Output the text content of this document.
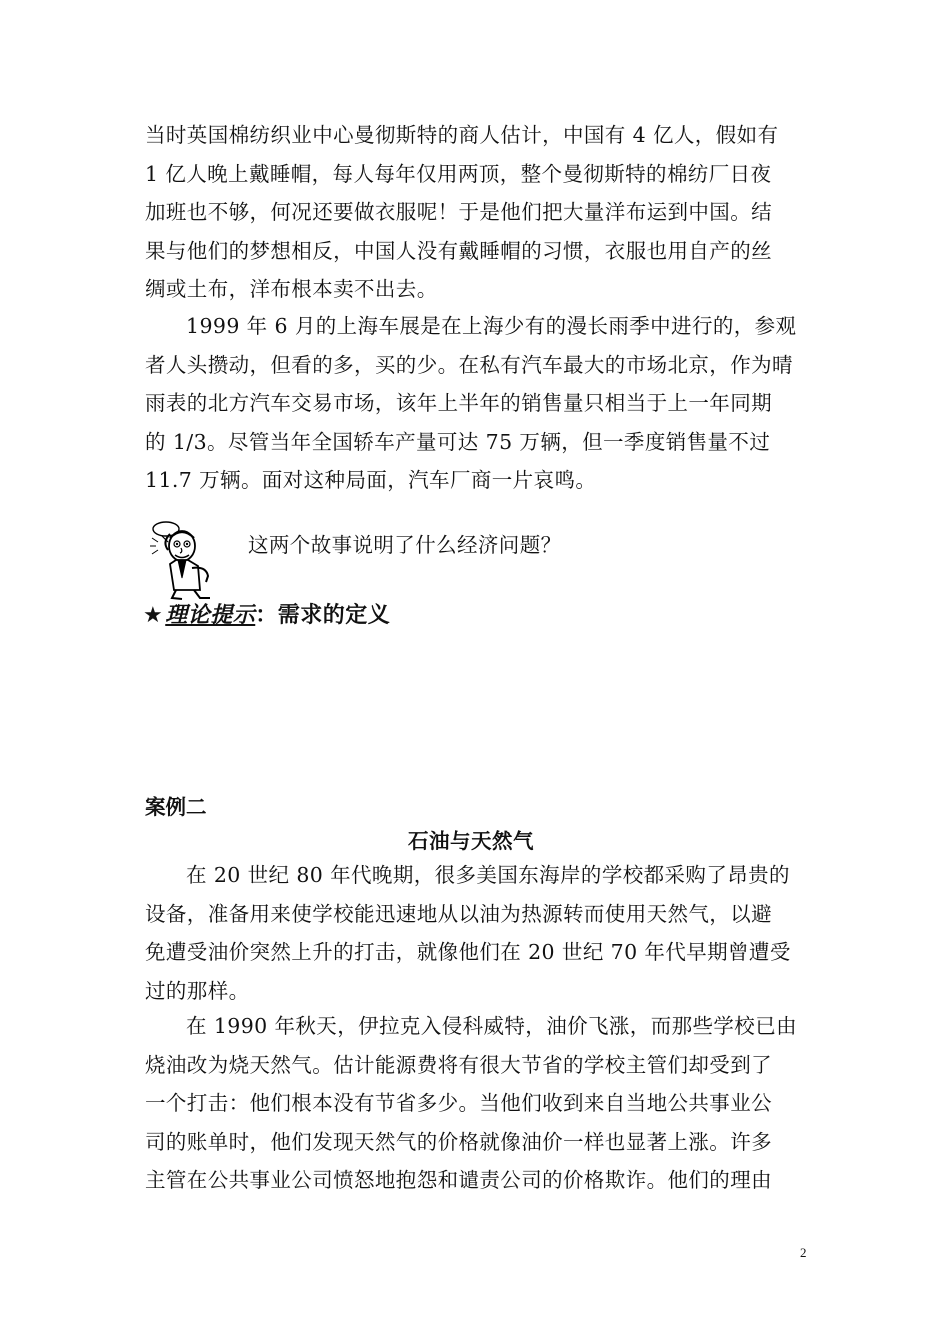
当时英国棉纺织业中心曼彻斯特的商人估计，中国有 4 亿人，假如有
1 亿人晚上戴睡帽，每人每年仅用两顶，整个曼彻斯特的棉纺厂日夜
加班也不够，何况还要做衣服呢！于是他们把大量洋布运到中国。结
果与他们的梦想相反，中国人没有戴睡帽的习惯，衣服也用自产的丝
绸或土布，洋布根本卖不出去。

1999 年 6 月的上海车展是在上海少有的漫长雨季中进行的，参观
者人头攒动，但看的多，买的少。在私有汽车最大的市场北京，作为晴
雨表的北方汽车交易市场，该年上半年的销售量只相当于上一年同期
的 1/3。尽管当年全国轿车产量可达 75 万辆，但一季度销售量不过
11.7 万辆。面对这种局面，汽车厂商一片哀鸣。

这两个故事说明了什么经济问题？
★理论提示：需求的定义
案例二
石油与天然气

在 20 世纪 80 年代晚期，很多美国东海岸的学校都采购了昂贵的
设备，准备用来使学校能迅速地从以油为热源转而使用天然气，以避
免遭受油价突然上升的打击，就像他们在 20 世纪 70 年代早期曾遭受
过的那样。

在 1990 年秋天，伊拉克入侵科威特，油价飞涨，而那些学校已由
烧油改为烧天然气。估计能源费将有很大节省的学校主管们却受到了
一个打击：他们根本没有节省多少。当他们收到来自当地公共事业公
司的账单时，他们发现天然气的价格就像油价一样也显著上涨。许多
主管在公共事业公司愤怒地抱怨和谴责公司的价格欺诈。他们的理由

2
